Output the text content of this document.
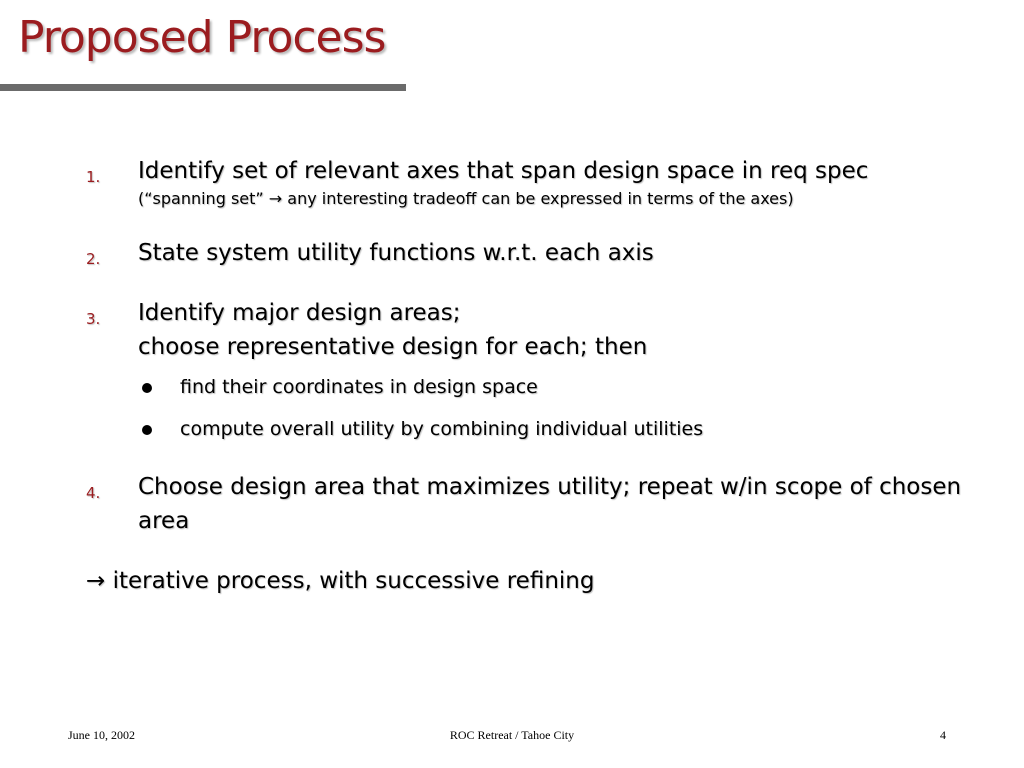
Proposed Process
1. Identify set of relevant axes that span design space in req spec
(“spanning set” → any interesting tradeoff can be expressed in terms of the axes)
2. State system utility functions w.r.t. each axis
3. Identify major design areas;
choose representative design for each; then
find their coordinates in design space
compute overall utility by combining individual utilities
4. Choose design area that maximizes utility; repeat w/in scope of chosen area
→ iterative process, with successive refining
June 10, 2002	ROC Retreat / Tahoe City	4
